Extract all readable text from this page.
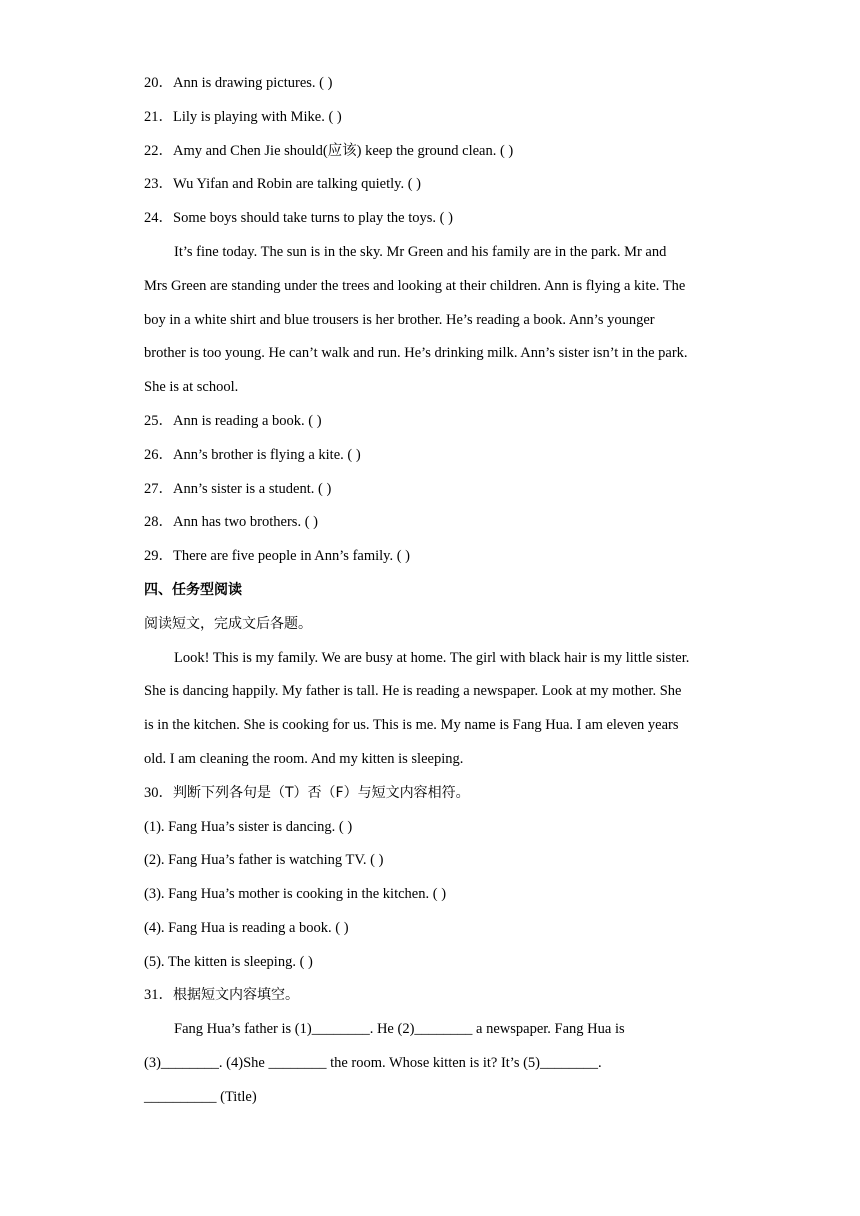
20．Ann is drawing pictures. ( )
21．Lily is playing with Mike. ( )
22．Amy and Chen Jie should(应该) keep the ground clean. ( )
23．Wu Yifan and Robin are talking quietly. ( )
24．Some boys should take turns to play the toys. ( )
It’s fine today. The sun is in the sky. Mr Green and his family are in the park. Mr and
Mrs Green are standing under the trees and looking at their children. Ann is flying a kite. The
boy in a white shirt and blue trousers is her brother. He’s reading a book. Ann’s younger
brother is too young. He can’t walk and run. He’s drinking milk. Ann’s sister isn’t in the park.
She is at school.
25．Ann is reading a book. ( )
26．Ann’s brother is flying a kite. ( )
27．Ann’s sister is a student. ( )
28．Ann has two brothers. ( )
29．There are five people in Ann’s family. ( )
四、任务型阅读
阅读短文，完成文后各题。
Look! This is my family. We are busy at home. The girl with black hair is my little sister.
She is dancing happily. My father is tall. He is reading a newspaper. Look at my mother. She
is in the kitchen. She is cooking for us. This is me. My name is Fang Hua. I am eleven years
old. I am cleaning the room. And my kitten is sleeping.
30．判断下列各句是（T）否（F）与短文内容相符。
(1). Fang Hua’s sister is dancing. ( )
(2). Fang Hua’s father is watching TV. ( )
(3). Fang Hua’s mother is cooking in the kitchen. ( )
(4). Fang Hua is reading a book. ( )
(5). The kitten is sleeping. ( )
31．根据短文内容填空。
Fang Hua’s father is (1)________. He (2)________ a newspaper. Fang Hua is
(3)________. (4)She ________ the room. Whose kitten is it? It’s (5)________.
__________ (Title)
